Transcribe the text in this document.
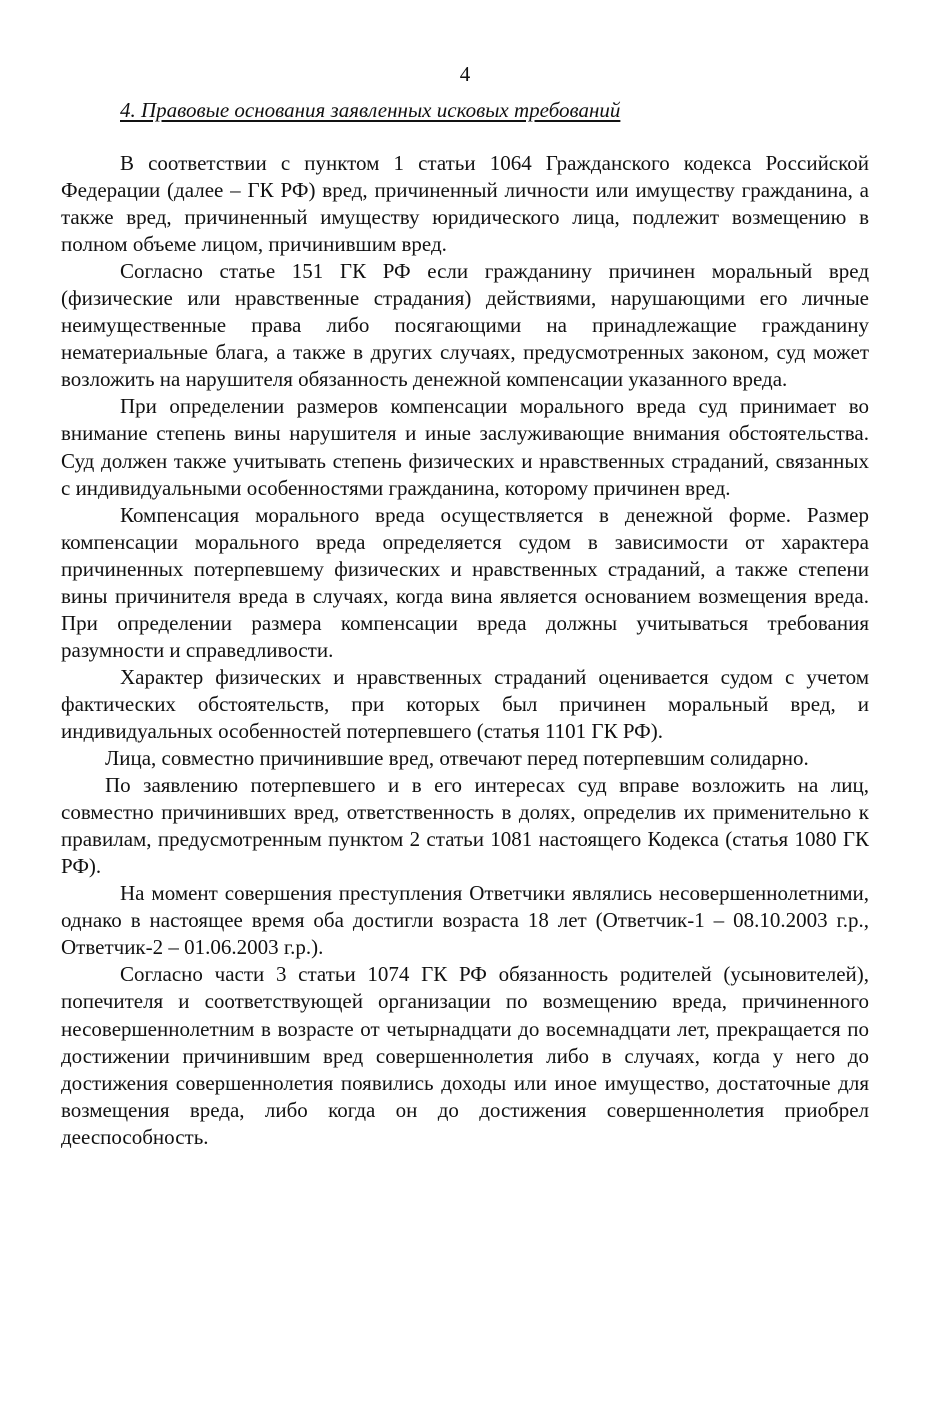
4
4. Правовые основания заявленных исковых требований

В соответствии с пунктом 1 статьи 1064 Гражданского кодекса Российской Федерации (далее – ГК РФ) вред, причиненный личности или имуществу гражданина, а также вред, причиненный имуществу юридического лица, подлежит возмещению в полном объеме лицом, причинившим вред.

Согласно статье 151 ГК РФ если гражданину причинен моральный вред (физические или нравственные страдания) действиями, нарушающими его личные неимущественные права либо посягающими на принадлежащие гражданину нематериальные блага, а также в других случаях, предусмотренных законом, суд может возложить на нарушителя обязанность денежной компенсации указанного вреда.

При определении размеров компенсации морального вреда суд принимает во внимание степень вины нарушителя и иные заслуживающие внимания обстоятельства. Суд должен также учитывать степень физических и нравственных страданий, связанных с индивидуальными особенностями гражданина, которому причинен вред.

Компенсация морального вреда осуществляется в денежной форме. Размер компенсации морального вреда определяется судом в зависимости от характера причиненных потерпевшему физических и нравственных страданий, а также степени вины причинителя вреда в случаях, когда вина является основанием возмещения вреда. При определении размера компенсации вреда должны учитываться требования разумности и справедливости.

Характер физических и нравственных страданий оценивается судом с учетом фактических обстоятельств, при которых был причинен моральный вред, и индивидуальных особенностей потерпевшего (статья 1101 ГК РФ).

Лица, совместно причинившие вред, отвечают перед потерпевшим солидарно.

По заявлению потерпевшего и в его интересах суд вправе возложить на лиц, совместно причинивших вред, ответственность в долях, определив их применительно к правилам, предусмотренным пунктом 2 статьи 1081 настоящего Кодекса (статья 1080 ГК РФ).

На момент совершения преступления Ответчики являлись несовершеннолетними, однако в настоящее время оба достигли возраста 18 лет (Ответчик-1 – 08.10.2003 г.р., Ответчик-2 – 01.06.2003 г.р.).

Согласно части 3 статьи 1074 ГК РФ обязанность родителей (усыновителей), попечителя и соответствующей организации по возмещению вреда, причиненного несовершеннолетним в возрасте от четырнадцати до восемнадцати лет, прекращается по достижении причинившим вред совершеннолетия либо в случаях, когда у него до достижения совершеннолетия появились доходы или иное имущество, достаточные для возмещения вреда, либо когда он до достижения совершеннолетия приобрел дееспособность.
